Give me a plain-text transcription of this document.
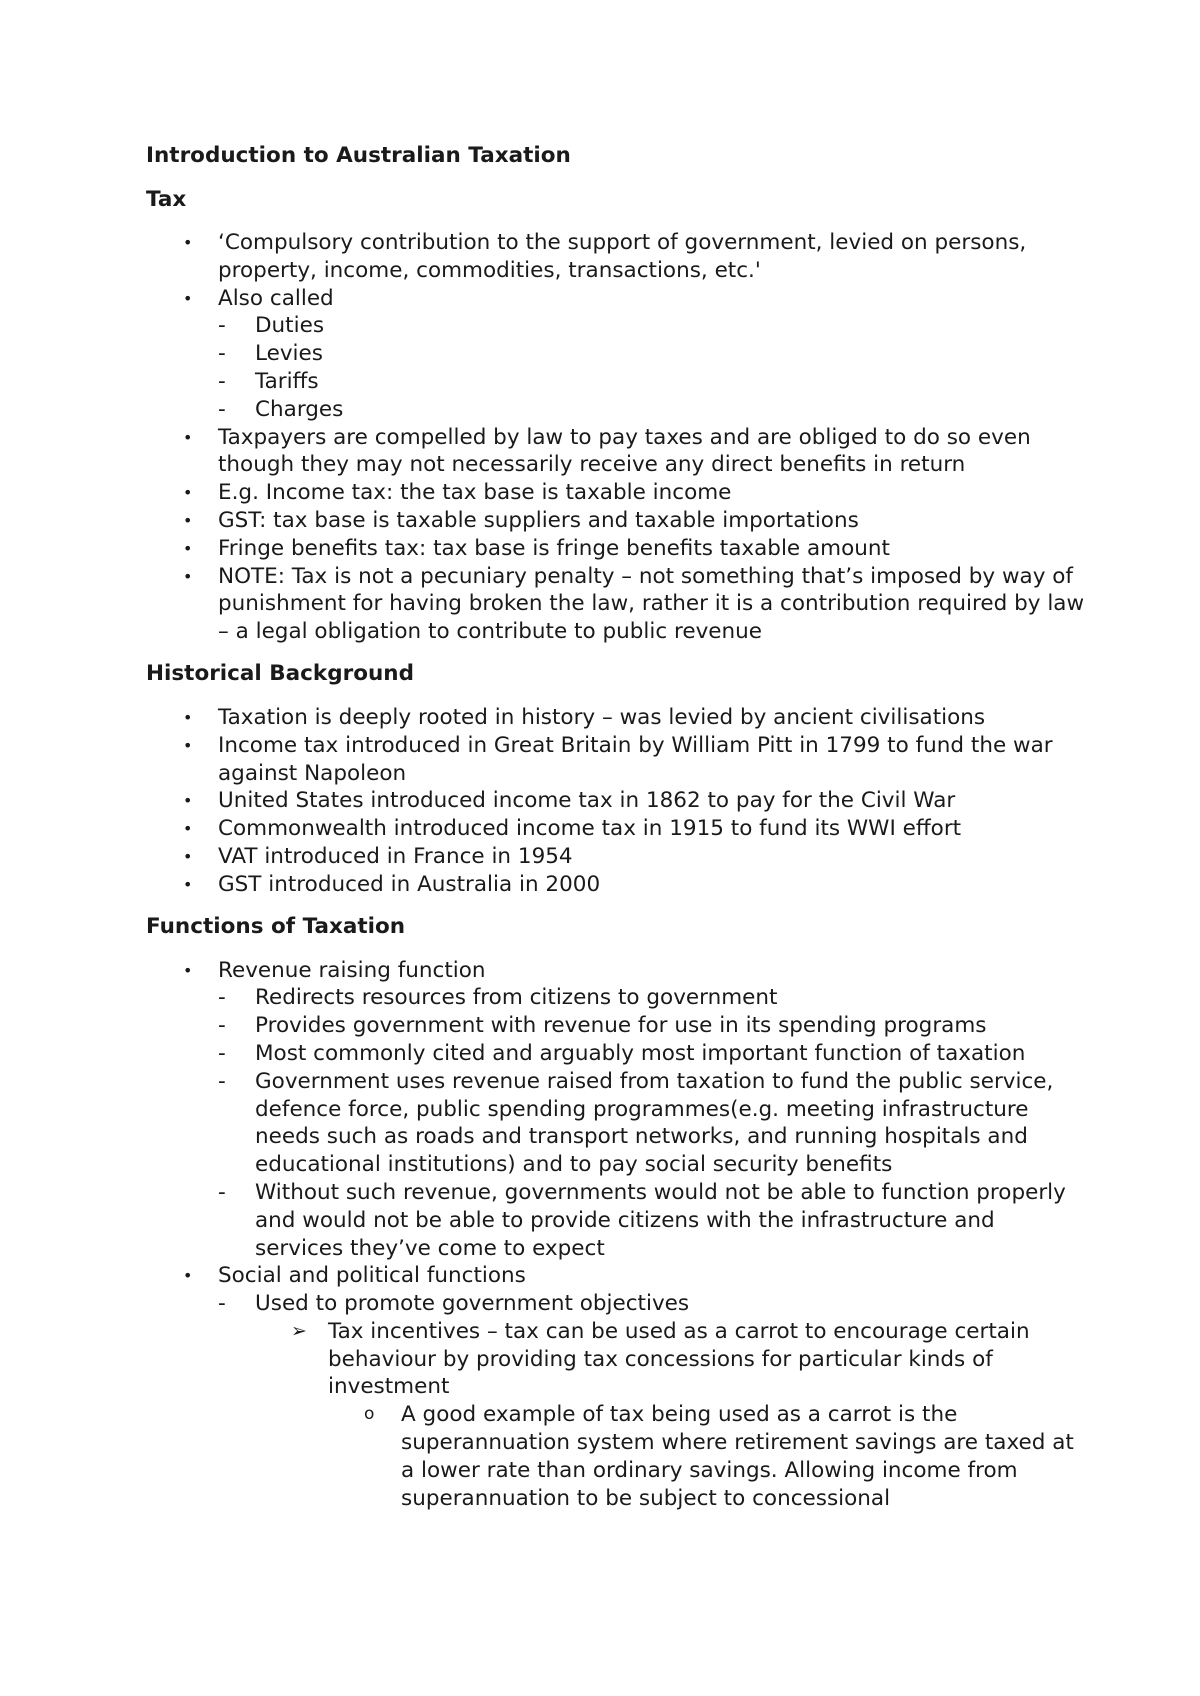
Introduction to Australian Taxation
Tax
• ‘Compulsory contribution to the support of government, levied on persons, property, income, commodities, transactions, etc.'
• Also called
- Duties
- Levies
- Tariffs
- Charges
• Taxpayers are compelled by law to pay taxes and are obliged to do so even though they may not necessarily receive any direct benefits in return
• E.g. Income tax: the tax base is taxable income
• GST: tax base is taxable suppliers and taxable importations
• Fringe benefits tax: tax base is fringe benefits taxable amount
• NOTE: Tax is not a pecuniary penalty – not something that’s imposed by way of punishment for having broken the law, rather it is a contribution required by law – a legal obligation to contribute to public revenue
Historical Background
• Taxation is deeply rooted in history – was levied by ancient civilisations
• Income tax introduced in Great Britain by William Pitt in 1799 to fund the war against Napoleon
• United States introduced income tax in 1862 to pay for the Civil War
• Commonwealth introduced income tax in 1915 to fund its WWI effort
• VAT introduced in France in 1954
• GST introduced in Australia in 2000
Functions of Taxation
• Revenue raising function
- Redirects resources from citizens to government
- Provides government with revenue for use in its spending programs
- Most commonly cited and arguably most important function of taxation
- Government uses revenue raised from taxation to fund the public service, defence force, public spending programmes(e.g. meeting infrastructure needs such as roads and transport networks, and running hospitals and educational institutions) and to pay social security benefits
- Without such revenue, governments would not be able to function properly and would not be able to provide citizens with the infrastructure and services they’ve come to expect
• Social and political functions
- Used to promote government objectives
➢ Tax incentives – tax can be used as a carrot to encourage certain behaviour by providing tax concessions for particular kinds of investment
o A good example of tax being used as a carrot is the superannuation system where retirement savings are taxed at a lower rate than ordinary savings. Allowing income from superannuation to be subject to concessional
